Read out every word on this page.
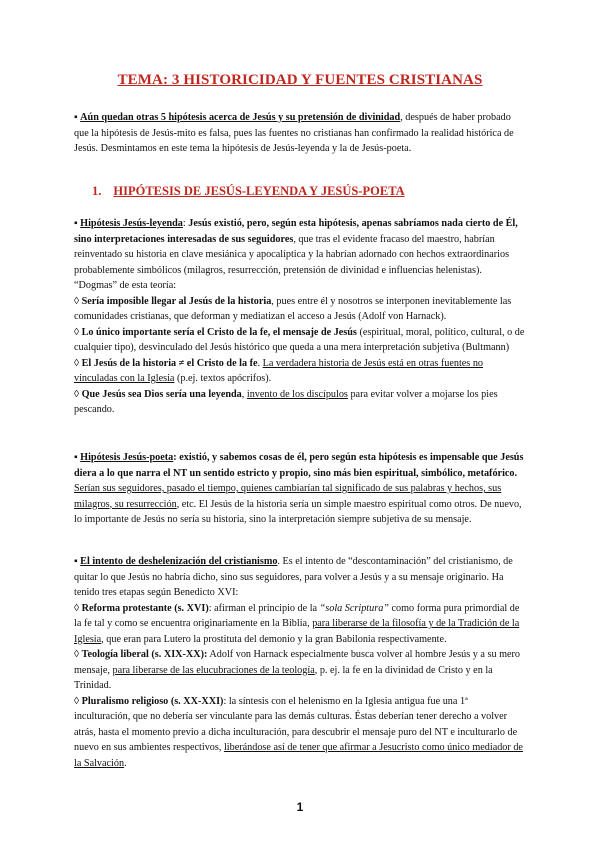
TEMA: 3 HISTORICIDAD Y FUENTES CRISTIANAS

▪ Aún quedan otras 5 hipótesis acerca de Jesús y su pretensión de divinidad, después de haber probado que la hipótesis de Jesús-mito es falsa, pues las fuentes no cristianas han confirmado la realidad histórica de Jesús. Desmintamos en este tema la hipótesis de Jesús-leyenda y la de Jesús-poeta.

1. HIPÓTESIS DE JESÚS-LEYENDA Y JESÚS-POETA

▪ Hipótesis Jesús-leyenda: Jesús existió, pero, según esta hipótesis, apenas sabríamos nada cierto de Él, sino interpretaciones interesadas de sus seguidores, que tras el evidente fracaso del maestro, habrían reinventado su historia en clave mesiánica y apocalíptica y la habrían adornado con hechos extraordinarios probablemente simbólicos (milagros, resurrección, pretensión de divinidad e influencias helenistas). “Dogmas” de esta teoría:
◊ Sería imposible llegar al Jesús de la historia, pues entre él y nosotros se interponen inevitablemente las comunidades cristianas, que deforman y mediatizan el acceso a Jesús (Adolf von Harnack).
◊ Lo único importante sería el Cristo de la fe, el mensaje de Jesús (espiritual, moral, político, cultural, o de cualquier tipo), desvinculado del Jesús histórico que queda a una mera interpretación subjetiva (Bultmann)
◊ El Jesús de la historia ≠ el Cristo de la fe. La verdadera historia de Jesús está en otras fuentes no vinculadas con la Iglesia (p.ej. textos apócrifos).
◊ Que Jesús sea Dios sería una leyenda, invento de los discípulos para evitar volver a mojarse los pies pescando.

▪ Hipótesis Jesús-poeta: existió, y sabemos cosas de él, pero según esta hipótesis es impensable que Jesús diera a lo que narra el NT un sentido estricto y propio, sino más bien espiritual, simbólico, metafórico. Serían sus seguidores, pasado el tiempo, quienes cambiarían tal significado de sus palabras y hechos, sus milagros, su resurrección, etc. El Jesús de la historia sería un simple maestro espiritual como otros. De nuevo, lo importante de Jesús no sería su historia, sino la interpretación siempre subjetiva de su mensaje.

▪ El intento de deshelenización del cristianismo. Es el intento de “descontaminación” del cristianismo, de quitar lo que Jesús no habría dicho, sino sus seguidores, para volver a Jesús y a su mensaje originario. Ha tenido tres etapas según Benedicto XVI:
◊ Reforma protestante (s. XVI): afirman el principio de la “sola Scriptura” como forma pura primordial de la fe tal y como se encuentra originariamente en la Biblia, para liberarse de la filosofía y de la Tradición de la Iglesia, que eran para Lutero la prostituta del demonio y la gran Babilonia respectivamente.
◊ Teología liberal (s. XIX-XX): Adolf von Harnack especialmente busca volver al hombre Jesús y a su mero mensaje, para liberarse de las elucubraciones de la teología, p. ej. la fe en la divinidad de Cristo y en la Trinidad.
◊ Pluralismo religioso (s. XX-XXI): la síntesis con el helenismo en la Iglesia antigua fue una 1ª inculturación, que no debería ser vinculante para las demás culturas. Éstas deberían tener derecho a volver atrás, hasta el momento previo a dicha inculturación, para descubrir el mensaje puro del NT e inculturarlo de nuevo en sus ambientes respectivos, liberándose así de tener que afirmar a Jesucristo como único mediador de la Salvación.

1
